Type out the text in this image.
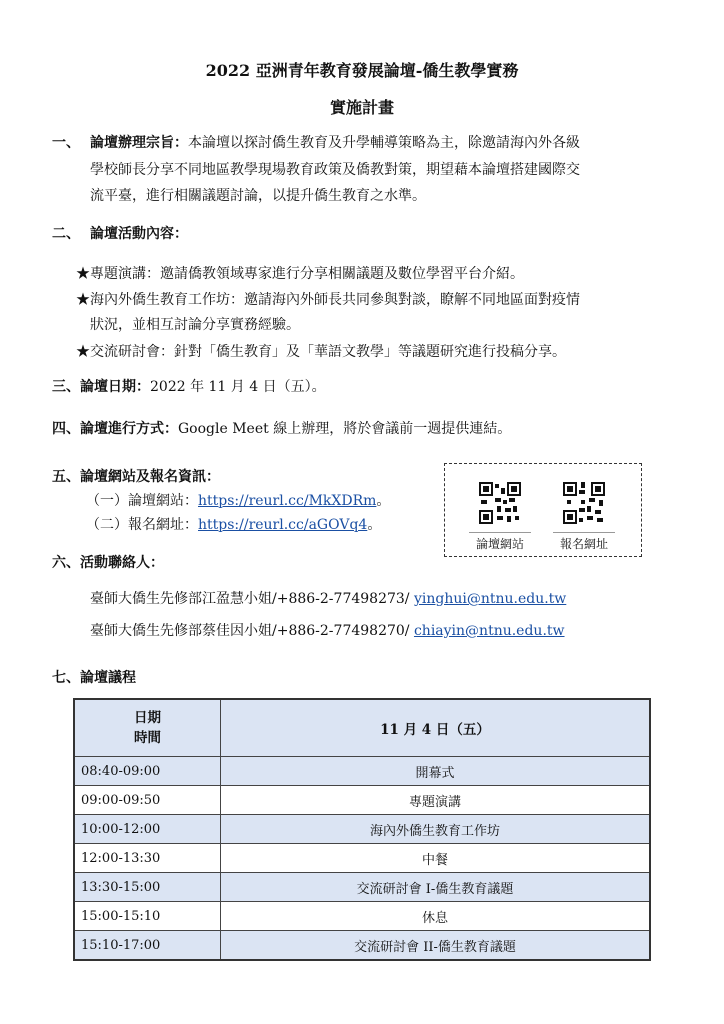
2022 亞洲青年教育發展論壇-僑生教學實務
實施計畫
一、 論壇辦理宗旨：本論壇以探討僑生教育及升學輔導策略為主，除邀請海內外各級
學校師長分享不同地區教學現場教育政策及僑教對策，期望藉本論壇搭建國際交
流平臺，進行相關議題討論，以提升僑生教育之水準。
二、 論壇活動內容：
★專題演講：邀請僑教領域專家進行分享相關議題及數位學習平台介紹。
★海內外僑生教育工作坊：邀請海內外師長共同參與對談，瞭解不同地區面對疫情
狀況，並相互討論分享實務經驗。
★交流研討會：針對「僑生教育」及「華語文教學」等議題研究進行投稿分享。
三、論壇日期：2022 年 11 月 4 日（五）。
四、論壇進行方式：Google Meet 線上辦理，將於會議前一週提供連結。
五、論壇網站及報名資訊：
（一）論壇網站：https://reurl.cc/MkXDRm。
（二）報名網址：https://reurl.cc/aGOVq4。
論壇網站	報名網址
六、活動聯絡人：
臺師大僑生先修部江盈慧小姐/+886-2-77498273/ yinghui@ntnu.edu.tw
臺師大僑生先修部蔡佳因小姐/+886-2-77498270/ chiayin@ntnu.edu.tw
七、論壇議程
日期
時間	11 月 4 日（五）
08:40-09:00	開幕式
09:00-09:50	專題演講
10:00-12:00	海內外僑生教育工作坊
12:00-13:30	中餐
13:30-15:00	交流研討會 I-僑生教育議題
15:00-15:10	休息
15:10-17:00	交流研討會 II-僑生教育議題
